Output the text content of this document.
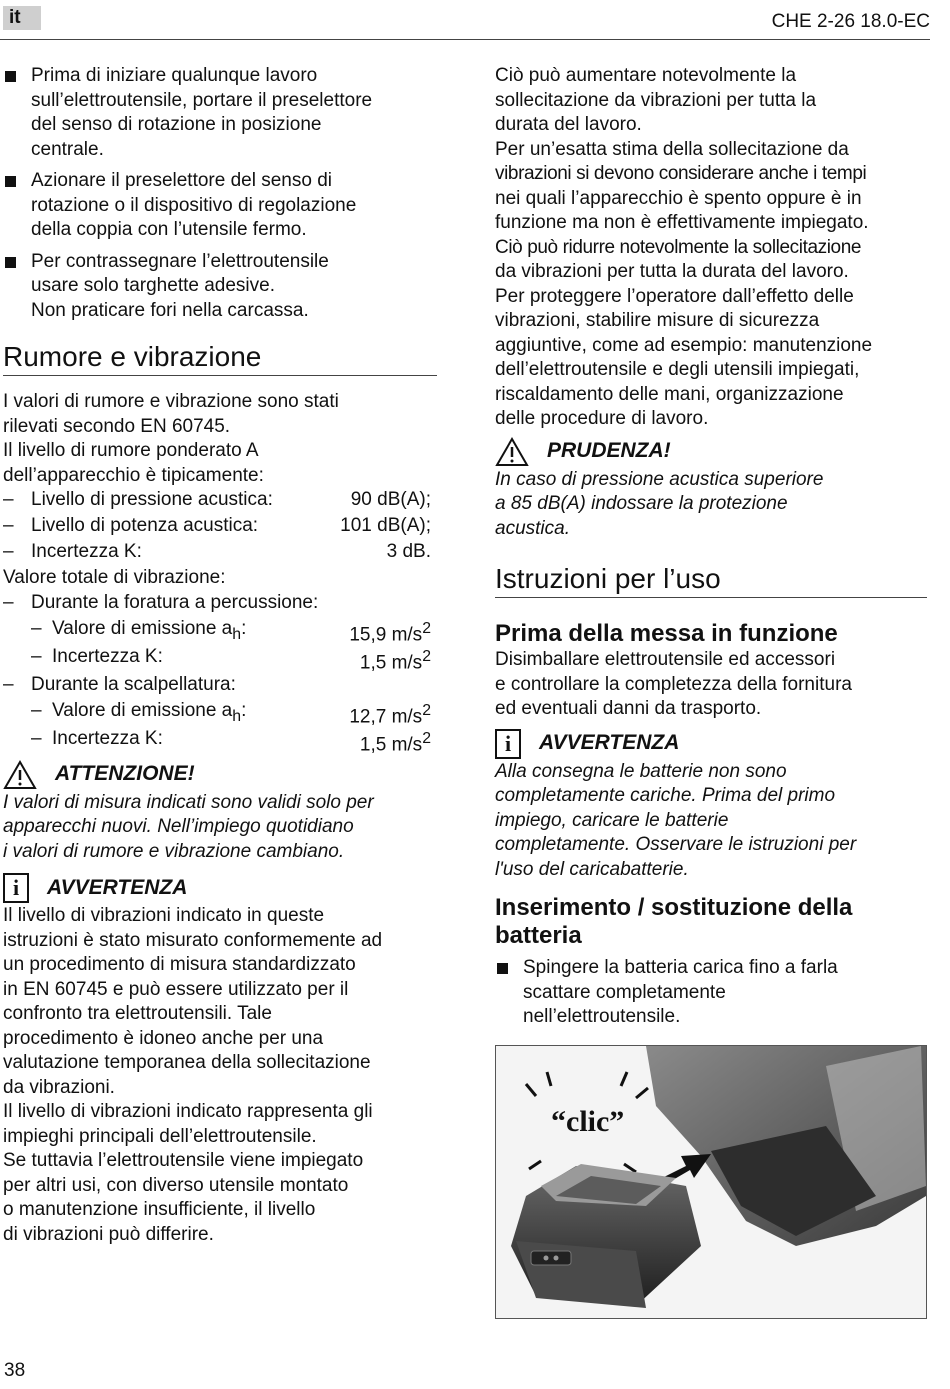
it	CHE 2-26 18.0-EC

Prima di iniziare qualunque lavoro

sull’elettroutensile, portare il preselettore

del senso di rotazione in posizione

centrale.

Azionare il preselettore del senso di

rotazione o il dispositivo di regolazione

della coppia con l’utensile fermo.

Per contrassegnare l’elettroutensile

usare solo targhette adesive.

Non praticare fori nella carcassa.

Rumore e vibrazione

I valori di rumore e vibrazione sono stati

rilevati secondo EN 60745.

Il livello di rumore ponderato A

dell’apparecchio è tipicamente:

– Livello di pressione acustica:	90 dB(A);
– Livello di potenza acustica:	101 dB(A);
– Incertezza K:	3 dB.

Valore totale di vibrazione:

– Durante la foratura a percussione:
– Valore di emissione $a_h$:	15,9 $m/s^2$
– Incertezza K:	1,5 $m/s^2$
– Durante la scalpellatura:
– Valore di emissione $a_h$:	12,7 $m/s^2$
– Incertezza K:	1,5 $m/s^2$
ATTENZIONE!

I valori di misura indicati sono validi solo per

apparecchi nuovi. Nell’impiego quotidiano

i valori di rumore e vibrazione cambiano.

i	AVVERTENZA

Il livello di vibrazioni indicato in queste

istruzioni è stato misurato conformemente ad

un procedimento di misura standardizzato

in EN 60745 e può essere utilizzato per il

confronto tra elettroutensili. Tale

procedimento è idoneo anche per una

valutazione temporanea della sollecitazione

da vibrazioni.

Il livello di vibrazioni indicato rappresenta gli

impieghi principali dell’elettroutensile.

Se tuttavia l’elettroutensile viene impiegato

per altri usi, con diverso utensile montato

o manutenzione insufficiente, il livello

di vibrazioni può differire.

Ciò può aumentare notevolmente la

sollecitazione da vibrazioni per tutta la

durata del lavoro.

Per un’esatta stima della sollecitazione da

vibrazioni si devono considerare anche i tempi

nei quali l’apparecchio è spento oppure è in

funzione ma non è effettivamente impiegato.

Ciò può ridurre notevolmente la sollecitazione

da vibrazioni per tutta la durata del lavoro.

Per proteggere l’operatore dall’effetto delle

vibrazioni, stabilire misure di sicurezza

aggiuntive, come ad esempio: manutenzione

dell’elettroutensile e degli utensili impiegati,

riscaldamento delle mani, organizzazione

delle procedure di lavoro.

PRUDENZA!

In caso di pressione acustica superiore

a 85 dB(A) indossare la protezione

acustica.

Istruzioni per l’uso
Prima della messa in funzione

Disimballare elettroutensile ed accessori

e controllare la completezza della fornitura

ed eventuali danni da trasporto.

i	AVVERTENZA

Alla consegna le batterie non sono

completamente cariche. Prima del primo

impiego, caricare le batterie

completamente. Osservare le istruzioni per

l'uso del caricabatterie.

Inserimento / sostituzione della
batteria

Spingere la batteria carica fino a farla

scattare completamente

nell’elettroutensile.

“clic”
38
